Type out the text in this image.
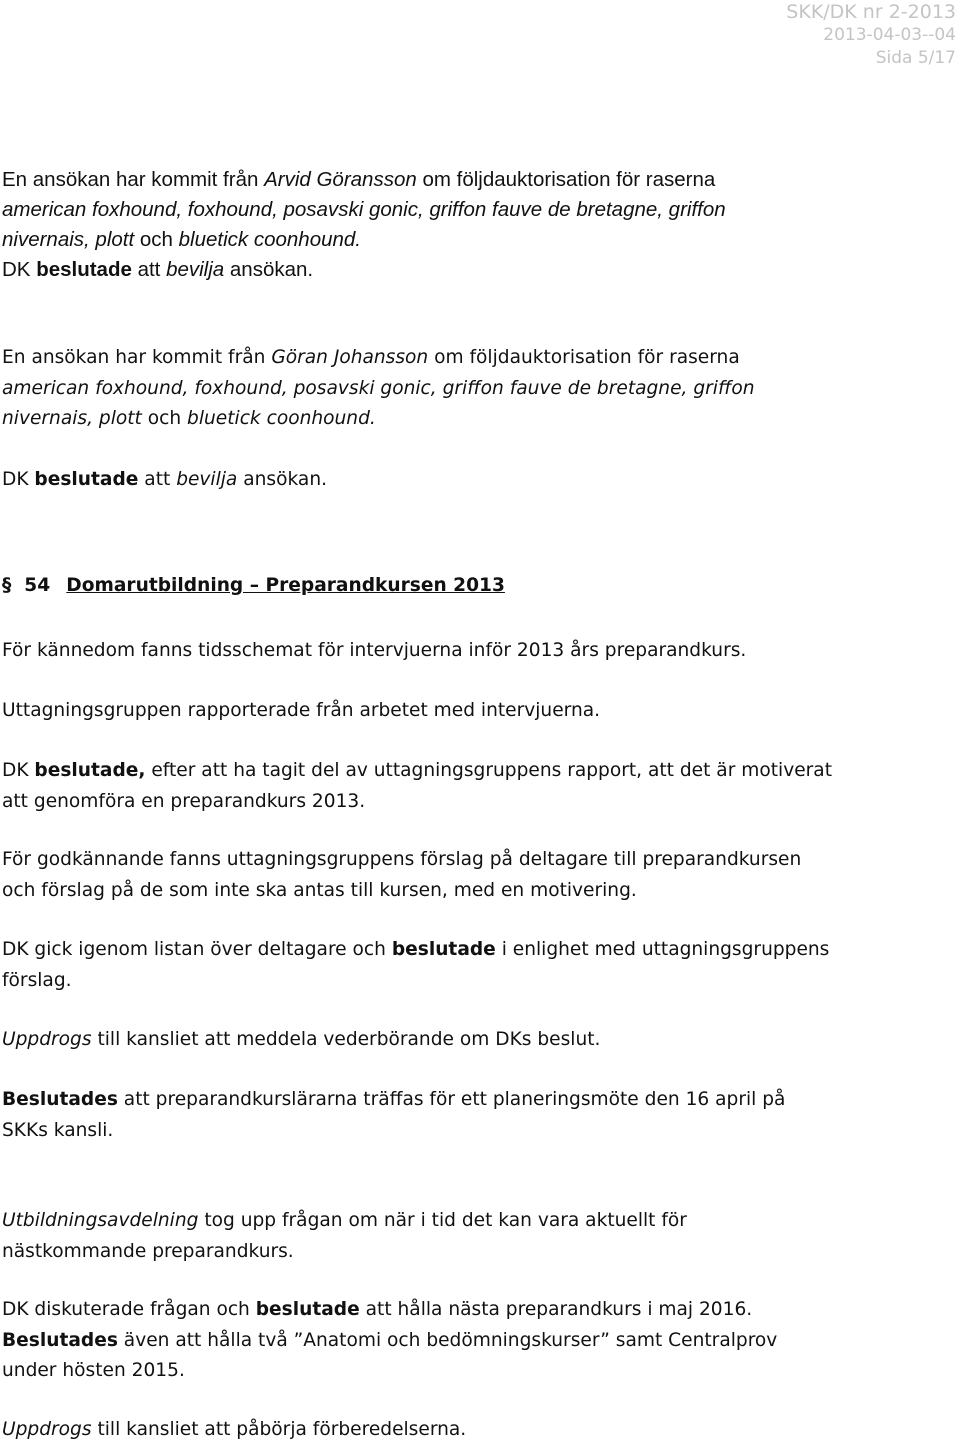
SKK/DK nr 2-2013
2013-04-03--04
Sida 5/17
En ansökan har kommit från Arvid Göransson om följdauktorisation för raserna
american foxhound, foxhound, posavski gonic, griffon fauve de bretagne, griffon
nivernais, plott och bluetick coonhound.
DK beslutade att bevilja ansökan.
En ansökan har kommit från Göran Johansson om följdauktorisation för raserna
american foxhound, foxhound, posavski gonic, griffon fauve de bretagne, griffon
nivernais, plott och bluetick coonhound.
DK beslutade att bevilja ansökan.
§ 54 Domarutbildning – Preparandkursen 2013
För kännedom fanns tidsschemat för intervjuerna inför 2013 års preparandkurs.
Uttagningsgruppen rapporterade från arbetet med intervjuerna.
DK beslutade, efter att ha tagit del av uttagningsgruppens rapport, att det är motiverat
att genomföra en preparandkurs 2013.
För godkännande fanns uttagningsgruppens förslag på deltagare till preparandkursen
och förslag på de som inte ska antas till kursen, med en motivering.
DK gick igenom listan över deltagare och beslutade i enlighet med uttagningsgruppens
förslag.
Uppdrogs till kansliet att meddela vederbörande om DKs beslut.
Beslutades att preparandkurslärarna träffas för ett planeringsmöte den 16 april på
SKKs kansli.
Utbildningsavdelning tog upp frågan om när i tid det kan vara aktuellt för
nästkommande preparandkurs.
DK diskuterade frågan och beslutade att hålla nästa preparandkurs i maj 2016.
Beslutades även att hålla två ”Anatomi och bedömningskurser” samt Centralprov
under hösten 2015.
Uppdrogs till kansliet att påbörja förberedelserna.
